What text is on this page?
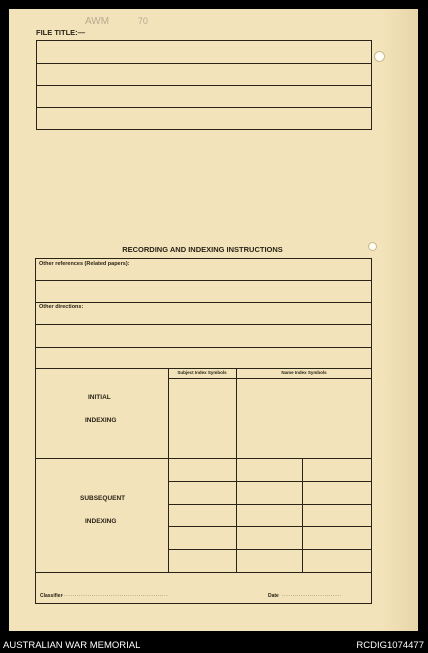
AWM	70
FILE TITLE:—
RECORDING AND INDEXING INSTRUCTIONS
Other references (Related papers):
Other directions:
Subject Index Symbols	Name Index Symbols
INITIAL
INDEXING
SUBSEQUENT
INDEXING
Classifier ..................................................	Date ............................
AUSTRALIAN WAR MEMORIAL	RCDIG1074477
